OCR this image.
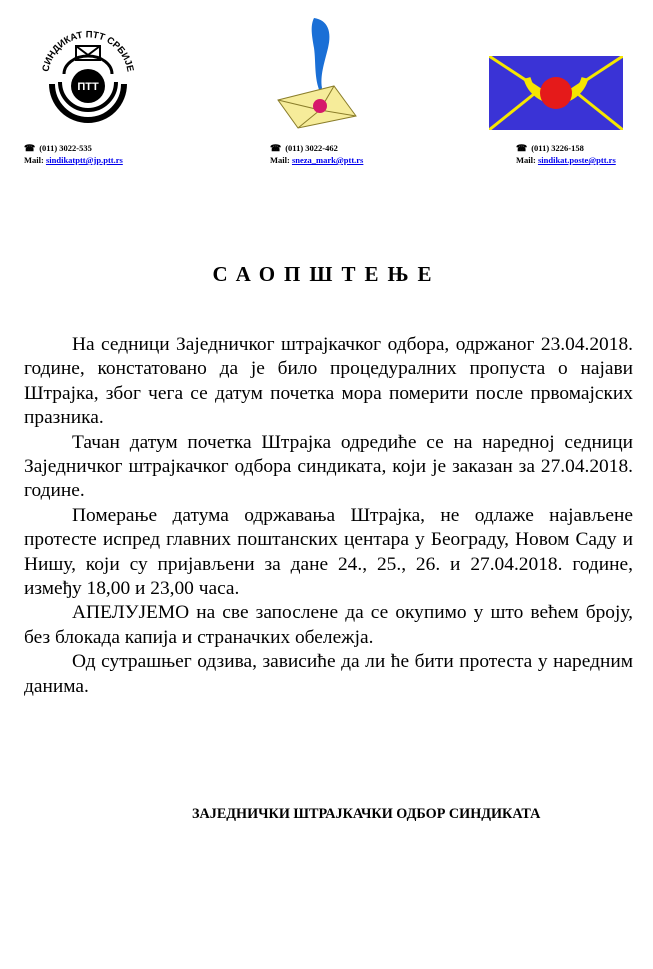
СИНДИКАТ ПТТ СРБИЈЕ
ПТТ
☎ (011) 3022-535
Mail: sindikatptt@jp.ptt.rs
☎ (011) 3022-462
Mail: sneza_mark@ptt.rs
☎ (011) 3226-158
Mail: sindikat.poste@ptt.rs
САОПШТЕЊЕ

На седници Заједничког штрајкачког одбора, одржаног 23.04.2018. године, констатовано да је било процедуралних пропуста о најави Штрајка, због чега се датум почетка мора померити после првомајских празника.

Тачан датум почетка Штрајка одредиће се на наредној седници Заједничког штрајкачког одбора синдиката, који је заказан за 27.04.2018. године.

Померање датума одржавања Штрајка, не одлаже најављене протесте испред главних поштанских центара у Београду, Новом Саду и Нишу, који су пријављени за дане 24., 25., 26. и 27.04.2018. године, између 18,00 и 23,00 часа.

АПЕЛУЈЕМО на све запослене да се окупимо у што већем броју, без блокада капија и страначких обележја.

Од сутрашњег одзива, зависиће да ли ће бити протеста у наредним данима.

ЗАЈЕДНИЧКИ ШТРАЈКАЧКИ ОДБОР СИНДИКАТА
